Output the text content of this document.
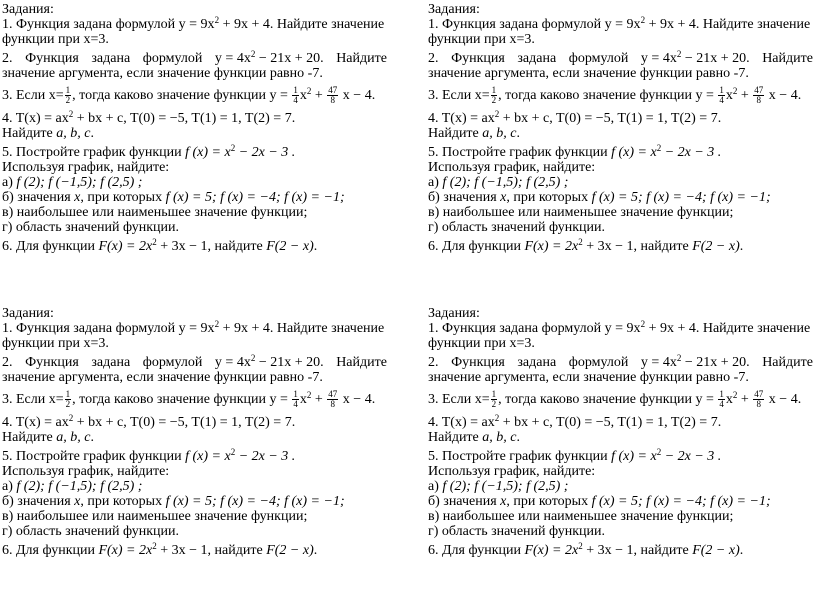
Задания:
1. Функция задана формулой $y = 9x^2 + 9x + 4$. Найдите значение
функции при x=3.
2. Функция задана формулой $y = 4x^2 - 21x + 20$. Найдите
значение аргумента, если значение функции равно -7.
3. Если $x= \frac{1}{2}$ , тогда каково значение функции $y = \frac{1}{4} x^2 + \frac{47}{8}$ x − 4.
4. $T(x) = ax^2$ + bx + c, T(0) = −5, T(1) = 1, T(2) = 7.
Найдите a, b, c.
5. Постройте график функции f $(x) = x^2 - 2x - 3$ .
Используя график, найдите:
а) f (2); f (−1,5); f (2,5) ;
б) значения x, при которых f (x) = 5; f (x) = −4; f (x) = −1;
в) наибольшее или наименьшее значение функции;
г) область значений функции.
6. Для функции $F(x) = 2x^2 + 3x - 1$, найдите F(2 − x).
Задания:
1. Функция задана формулой $y = 9x^2 + 9x + 4$. Найдите значение
функции при x=3.
2. Функция задана формулой $y = 4x^2 - 21x + 20$. Найдите
значение аргумента, если значение функции равно -7.
3. Если $x= \frac{1}{2}$ , тогда каково значение функции $y = \frac{1}{4} x^2 + \frac{47}{8}$ x − 4.
4. $T(x) = ax^2$ + bx + c, T(0) = −5, T(1) = 1, T(2) = 7.
Найдите a, b, c.
5. Постройте график функции f $(x) = x^2 - 2x - 3$ .
Используя график, найдите:
а) f (2); f (−1,5); f (2,5) ;
б) значения x, при которых f (x) = 5; f (x) = −4; f (x) = −1;
в) наибольшее или наименьшее значение функции;
г) область значений функции.
6. Для функции $F(x) = 2x^2 + 3x - 1$, найдите F(2 − x).
Задания:
1. Функция задана формулой $y = 9x^2 + 9x + 4$. Найдите значение
функции при x=3.
2. Функция задана формулой $y = 4x^2 - 21x + 20$. Найдите
значение аргумента, если значение функции равно -7.
3. Если $x= \frac{1}{2}$ , тогда каково значение функции $y = \frac{1}{4} x^2 + \frac{47}{8}$ x − 4.
4. $T(x) = ax^2$ + bx + c, T(0) = −5, T(1) = 1, T(2) = 7.
Найдите a, b, c.
5. Постройте график функции f $(x) = x^2 - 2x - 3$ .
Используя график, найдите:
а) f (2); f (−1,5); f (2,5) ;
б) значения x, при которых f (x) = 5; f (x) = −4; f (x) = −1;
в) наибольшее или наименьшее значение функции;
г) область значений функции.
6. Для функции $F(x) = 2x^2 + 3x - 1$, найдите F(2 − x).
Задания:
1. Функция задана формулой $y = 9x^2 + 9x + 4$. Найдите значение
функции при x=3.
2. Функция задана формулой $y = 4x^2 - 21x + 20$. Найдите
значение аргумента, если значение функции равно -7.
3. Если $x= \frac{1}{2}$ , тогда каково значение функции $y = \frac{1}{4} x^2 + \frac{47}{8}$ x − 4.
4. $T(x) = ax^2$ + bx + c, T(0) = −5, T(1) = 1, T(2) = 7.
Найдите a, b, c.
5. Постройте график функции f $(x) = x^2 - 2x - 3$ .
Используя график, найдите:
а) f (2); f (−1,5); f (2,5) ;
б) значения x, при которых f (x) = 5; f (x) = −4; f (x) = −1;
в) наибольшее или наименьшее значение функции;
г) область значений функции.
6. Для функции $F(x) = 2x^2 + 3x - 1$, найдите F(2 − x).
